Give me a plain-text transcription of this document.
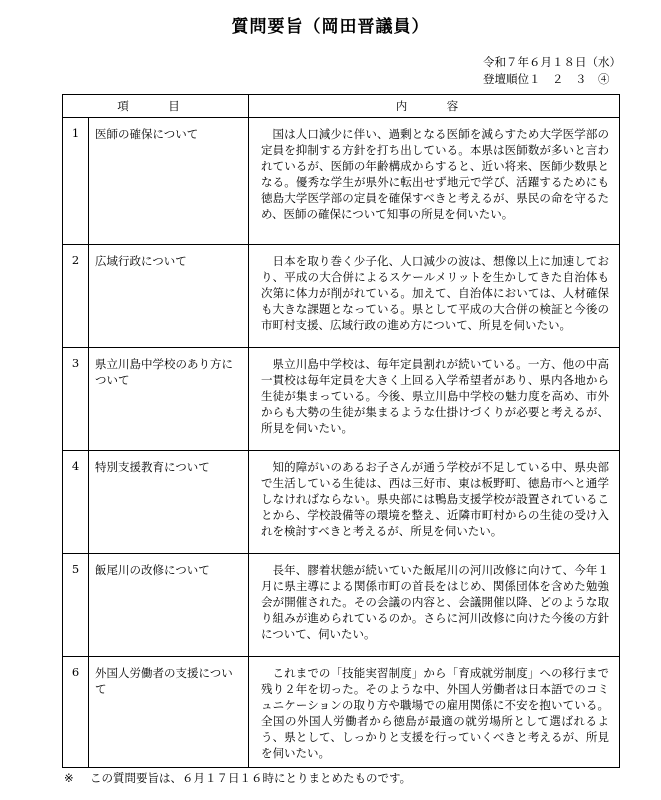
質問要旨（岡田晋議員）
令和７年６月１８日（水）
登壇順位１　２　３　④
項　目		内　容
1	医師の確保について	国は人口減少に伴い、過剰となる医師を減らすため大学医学部の定員を抑制する方針を打ち出している。本県は医師数が多いと言われているが、医師の年齢構成からすると、近い将来、医師少数県となる。優秀な学生が県外に転出せず地元で学び、活躍するためにも徳島大学医学部の定員を確保すべきと考えるが、県民の命を守るため、医師の確保について知事の所見を伺いたい。
2	広域行政について	日本を取り巻く少子化、人口減少の波は、想像以上に加速しており、平成の大合併によるスケールメリットを生かしてきた自治体も次第に体力が削がれている。加えて、自治体においては、人材確保も大きな課題となっている。県として平成の大合併の検証と今後の市町村支援、広域行政の進め方について、所見を伺いたい。
3	県立川島中学校のあり方について	県立川島中学校は、毎年定員割れが続いている。一方、他の中高一貫校は毎年定員を大きく上回る入学希望者があり、県内各地から生徒が集まっている。今後、県立川島中学校の魅力度を高め、市外からも大勢の生徒が集まるような仕掛けづくりが必要と考えるが、所見を伺いたい。
4	特別支援教育について	知的障がいのあるお子さんが通う学校が不足している中、県央部で生活している生徒は、西は三好市、東は板野町、徳島市へと通学しなければならない。県央部には鴨島支援学校が設置されていることから、学校設備等の環境を整え、近隣市町村からの生徒の受け入れを検討すべきと考えるが、所見を伺いたい。
5	飯尾川の改修について	長年、膠着状態が続いていた飯尾川の河川改修に向けて、今年１月に県主導による関係市町の首長をはじめ、関係団体を含めた勉強会が開催された。その会議の内容と、会議開催以降、どのような取り組みが進められているのか。さらに河川改修に向けた今後の方針について、伺いたい。
6	外国人労働者の支援について	これまでの「技能実習制度」から「育成就労制度」への移行まで残り２年を切った。そのような中、外国人労働者は日本語でのコミュニケーションの取り方や職場での雇用関係に不安を抱いている。全国の外国人労働者から徳島が最適の就労場所として選ばれるよう、県として、しっかりと支援を行っていくべきと考えるが、所見を伺いたい。
※ この質問要旨は、６月１７日１６時にとりまとめたものです。
